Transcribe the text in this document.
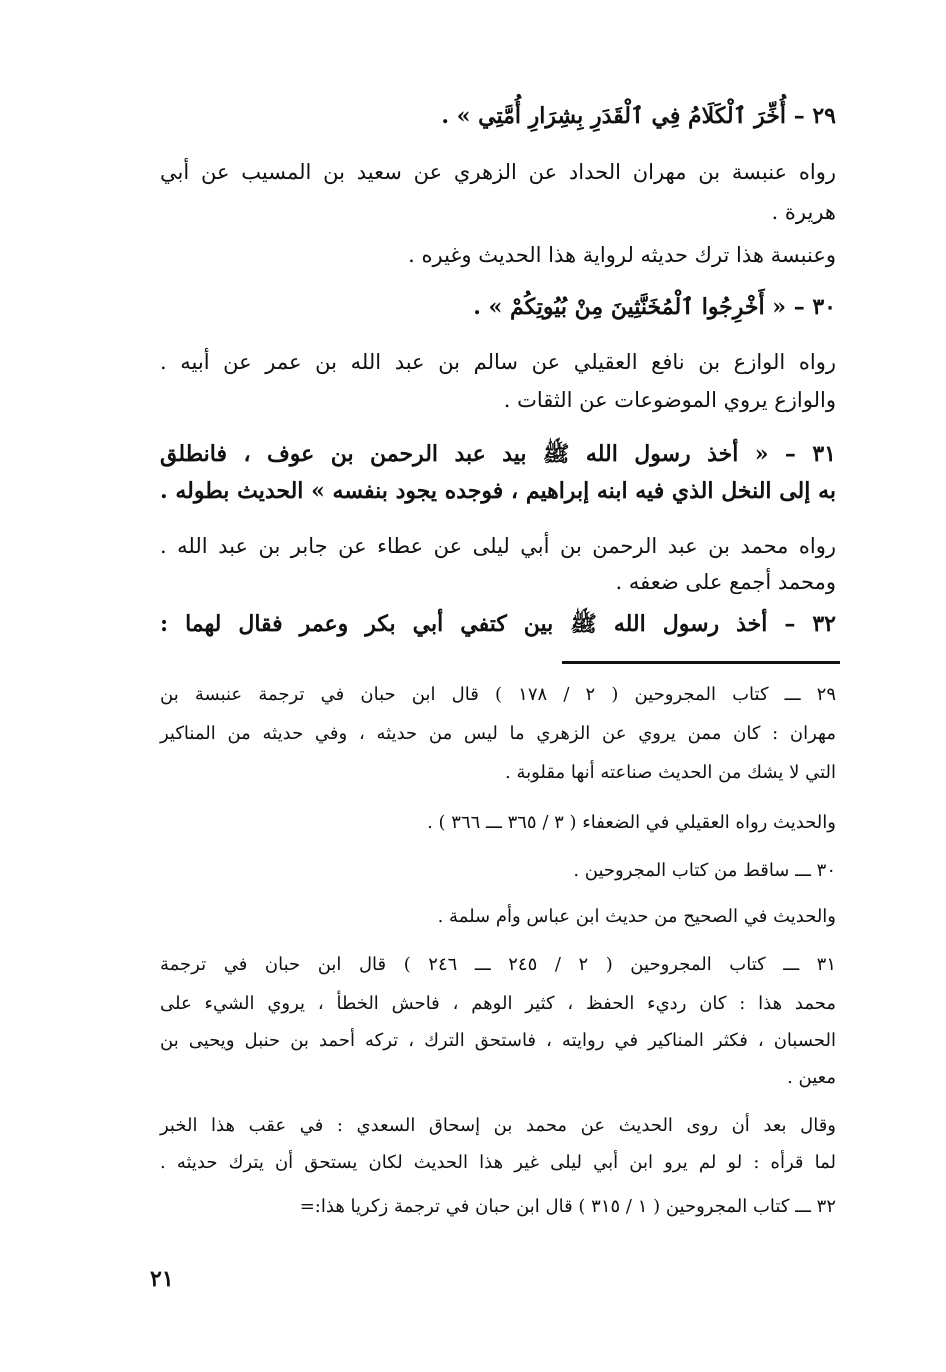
٢٩ – أُخِّرَ ٱلْكَلَامُ فِي ٱلْقَدَرِ بِشِرَارِ أُمَّتِي » .
رواه عنبسة بن مهران الحداد عن الزهري عن سعيد بن المسيب عن أبي
هريرة .
وعنبسة هذا ترك حديثه لرواية هذا الحديث وغيره .
٣٠ – « أَخْرِجُوا ٱلْمُخَنَّثِينَ مِنْ بُيُوتِكُمْ » .
رواه الوازع بن نافع العقيلي عن سالم بن عبد الله بن عمر عن أبيه .
والوازع يروي الموضوعات عن الثقات .
٣١ – « أخذ رسول الله ﷺ بيد عبد الرحمن بن عوف ، فانطلق
به إلى النخل الذي فيه ابنه إبراهيم ، فوجده يجود بنفسه » الحديث بطوله .
رواه محمد بن عبد الرحمن بن أبي ليلى عن عطاء عن جابر بن عبد الله .
ومحمد أجمع على ضعفه .
٣٢ – أخذ رسول الله ﷺ بين كتفي أبي بكر وعمر فقال لهما :
٢٩ ـــ كتاب المجروحين ( ٢ / ١٧٨ ) قال ابن حبان في ترجمة عنبسة بن
مهران : كان ممن يروي عن الزهري ما ليس من حديثه ، وفي حديثه من المناكير
التي لا يشك من الحديث صناعته أنها مقلوبة .
والحديث رواه العقيلي في الضعفاء ( ٣ / ٣٦٥ ـــ ٣٦٦ ) .
٣٠ ـــ ساقط من كتاب المجروحين .
والحديث في الصحيح من حديث ابن عباس وأم سلمة .
٣١ ـــ كتاب المجروحين ( ٢ / ٢٤٥ ـــ ٢٤٦ ) قال ابن حبان في ترجمة
محمد هذا : كان رديء الحفظ ، كثير الوهم ، فاحش الخطأ ، يروي الشيء على
الحسبان ، فكثر المناكير في روايته ، فاستحق الترك ، تركه أحمد بن حنبل ويحيى بن
معين .
وقال بعد أن روى الحديث عن محمد بن إسحاق السعدي : في عقب هذا الخبر
لما قرأه : لو لم يرو ابن أبي ليلى غير هذا الحديث لكان يستحق أن يترك حديثه .
٣٢ ـــ كتاب المجروحين ( ١ / ٣١٥ ) قال ابن حبان في ترجمة زكريا هذا:=
٢١
